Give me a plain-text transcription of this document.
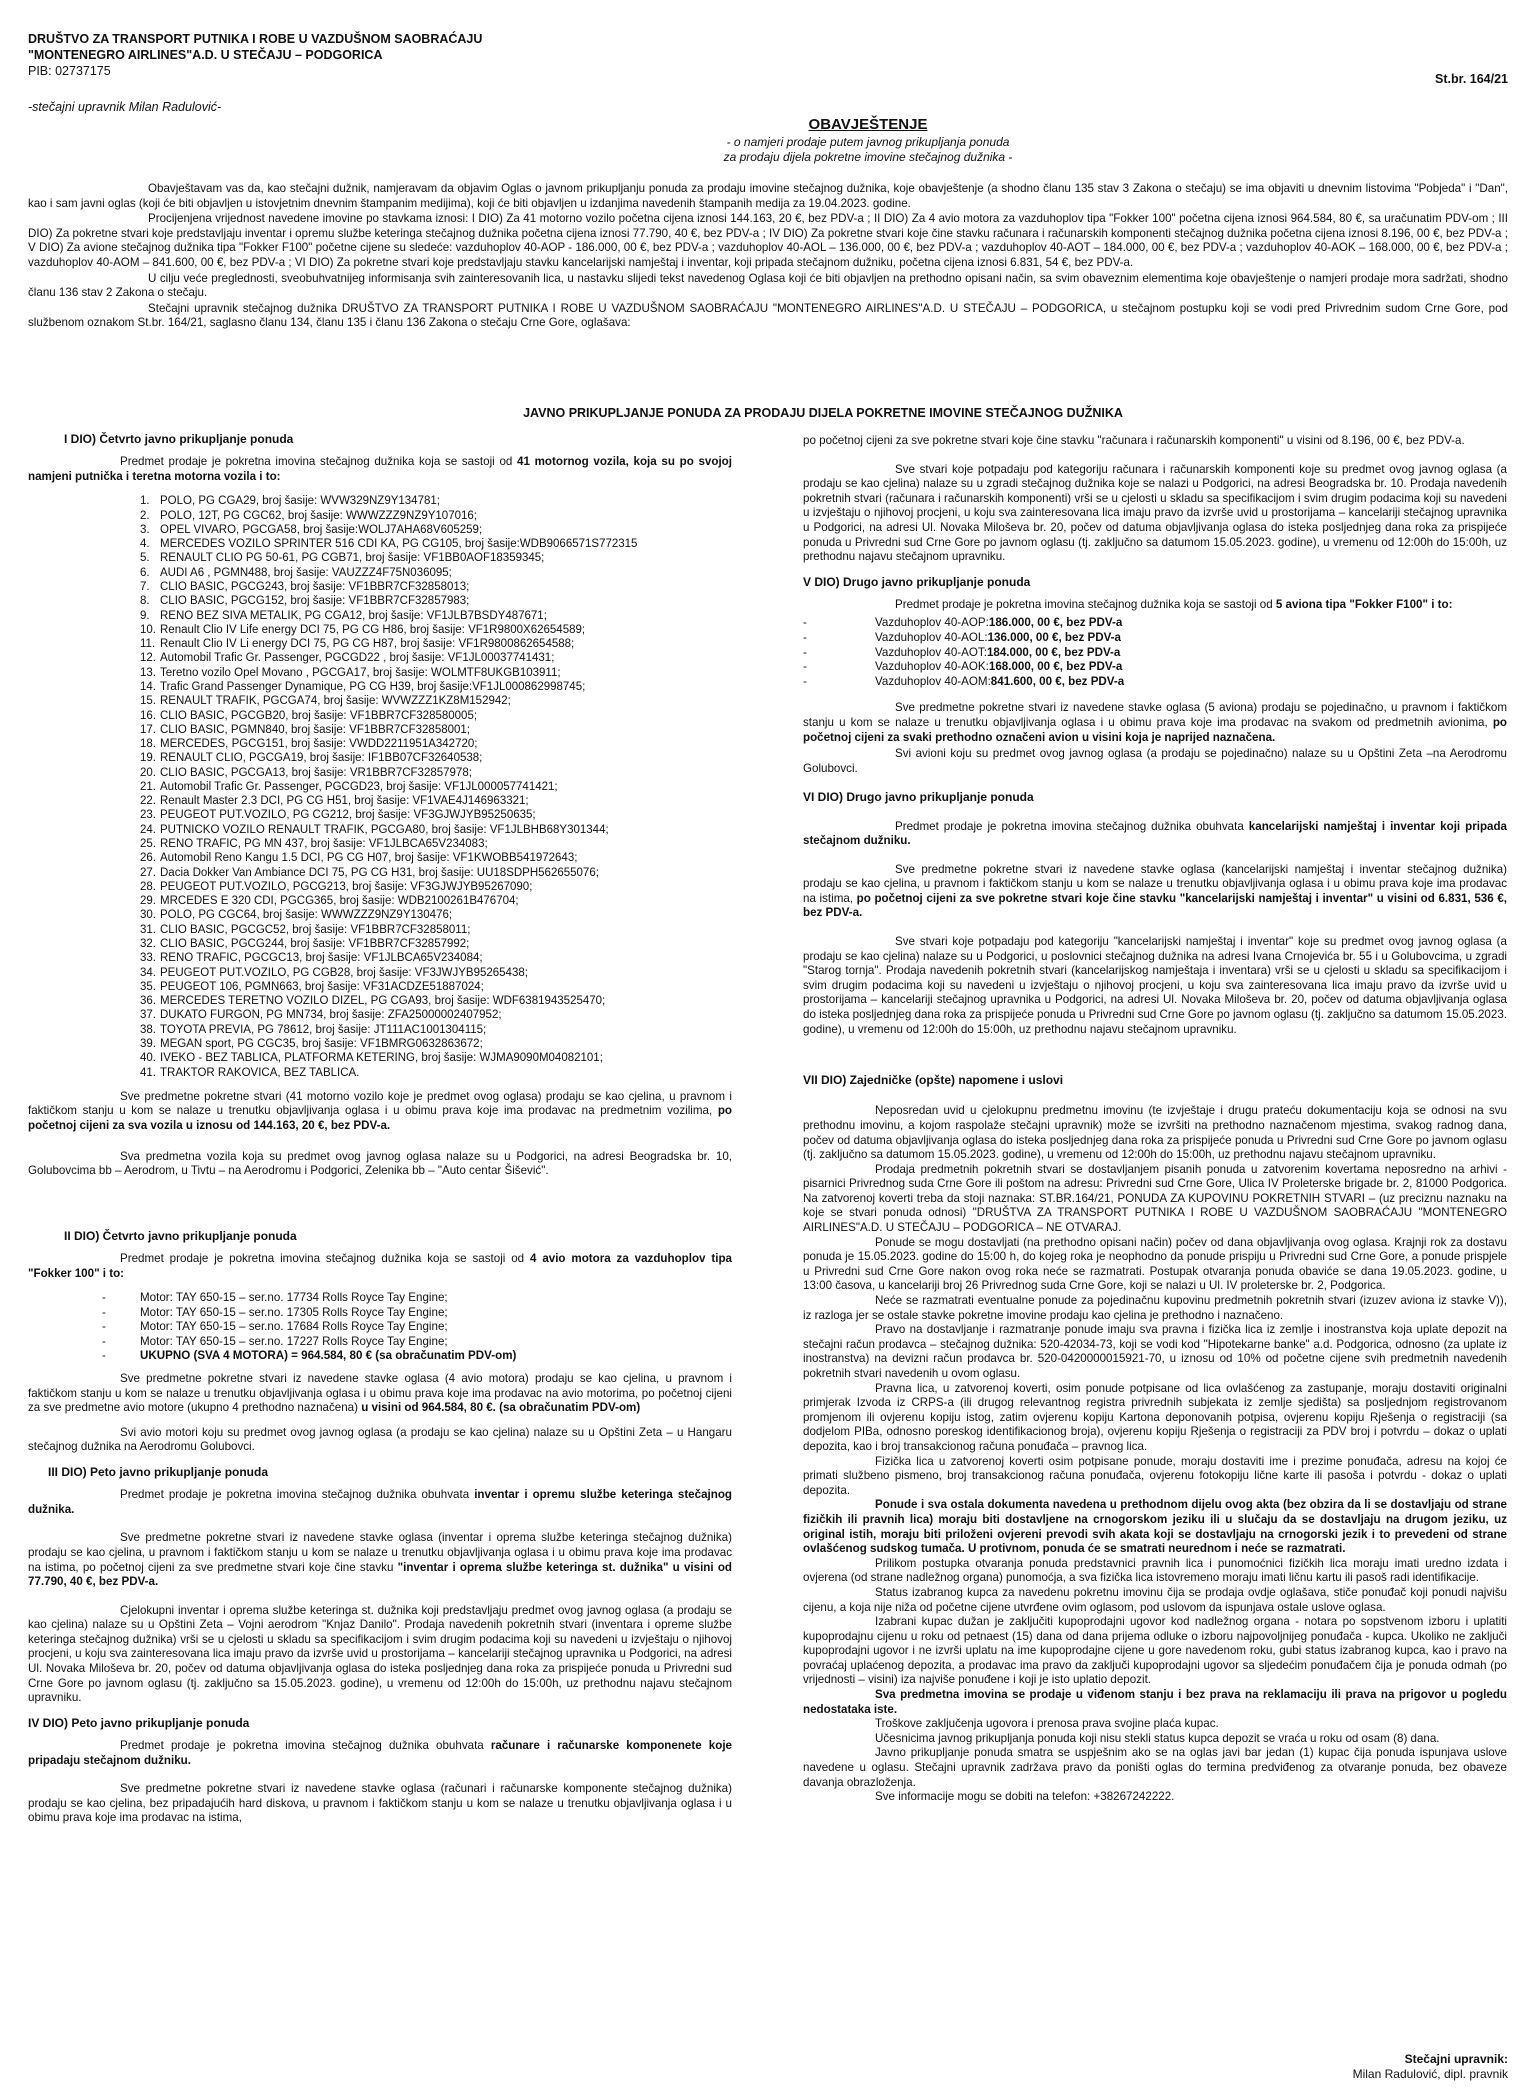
DRUŠTVO ZA TRANSPORT PUTNIKA I ROBE U VAZDUŠNOM SAOBRAĆAJU
"MONTENEGRO AIRLINES"A.D. U STEČAJU – PODGORICA
PIB: 02737175
St.br. 164/21
-stečajni upravnik Milan Radulović-
OBAVJEŠTENJE
- o namjeri prodaje putem javnog prikupljanja ponuda
za prodaju dijela pokretne imovine stečajnog dužnika -

Obavještavam vas da, kao stečajni dužnik, namjeravam da objavim Oglas o javnom prikupljanju ponuda za prodaju imovine stečajnog dužnika, koje obavještenje (a shodno članu 135 stav 3 Zakona o stečaju) se ima objaviti u dnevnim listovima "Pobjeda" i "Dan", kao i sam javni oglas (koji će biti objavljen u istovjetnim dnevnim štampanim medijima), koji će biti objavljen u izdanjima navedenih štampanih medija za 19.04.2023. godine.

Procijenjena vrijednost navedene imovine po stavkama iznosi: I DIO) Za 41 motorno vozilo početna cijena iznosi 144.163, 20 €, bez PDV-a ; II DIO) Za 4 avio motora za vazduhoplov tipa "Fokker 100" početna cijena iznosi 964.584, 80 €, sa uračunatim PDV-om ; III DIO) Za pokretne stvari koje predstavljaju inventar i opremu službe keteringa stečajnog dužnika početna cijena iznosi 77.790, 40 €, bez PDV-a ; IV DIO) Za pokretne stvari koje čine stavku računara i računarskih komponenti stečajnog dužnika početna cijena iznosi 8.196, 00 €, bez PDV-a ; V DIO) Za avione stečajnog dužnika tipa "Fokker F100" početne cijene su sledeće: vazduhoplov 40-AOP - 186.000, 00 €, bez PDV-a ; vazduhoplov 40-AOL – 136.000, 00 €, bez PDV-a ; vazduhoplov 40-AOT – 184.000, 00 €, bez PDV-a ; vazduhoplov 40-AOK – 168.000, 00 €, bez PDV-a ; vazduhoplov 40-AOM – 841.600, 00 €, bez PDV-a ; VI DIO) Za pokretne stvari koje predstavljaju stavku kancelarijski namještaj i inventar, koji pripada stečajnom dužniku, početna cijena iznosi 6.831, 54 €, bez PDV-a.

U cilju veće preglednosti, sveobuhvatnijeg informisanja svih zainteresovanih lica, u nastavku slijedi tekst navedenog Oglasa koji će biti objavljen na prethodno opisani način, sa svim obaveznim elementima koje obavještenje o namjeri prodaje mora sadržati, shodno članu 136 stav 2 Zakona o stečaju.

Stečajni upravnik stečajnog dužnika DRUŠTVO ZA TRANSPORT PUTNIKA I ROBE U VAZDUŠNOM SAOBRAĆAJU "MONTENEGRO AIRLINES"A.D. U STEČAJU – PODGORICA, u stečajnom postupku koji se vodi pred Privrednim sudom Crne Gore, pod službenom oznakom St.br. 164/21, saglasno članu 134, članu 135 i članu 136 Zakona o stečaju Crne Gore, oglašava:

JAVNO PRIKUPLJANJE PONUDA ZA PRODAJU DIJELA POKRETNE IMOVINE STEČAJNOG DUŽNIKA
I DIO) Četvrto javno prikupljanje ponuda

Predmet prodaje je pokretna imovina stečajnog dužnika koja se sastoji od 41 motornog vozila, koja su po svojoj namjeni putnička i teretna motorna vozila i to:

1. POLO, PG CGA29, broj šasije: WVW329NZ9Y134781;
2. POLO, 12T, PG CGC62, broj šasije: WWWZZZ9NZ9Y107016;
3. OPEL VIVARO, PGCGA58, broj šasije:WOLJ7AHA68V605259;
4. MERCEDES VOZILO SPRINTER 516 CDI KA, PG CG105, broj šasije:WDB9066571S772315
5. RENAULT CLIO PG 50-61, PG CGB71, broj šasije: VF1BB0AOF18359345;
6. AUDI A6 , PGMN488, broj šasije: VAUZZZ4F75N036095;
7. CLIO BASIC, PGCG243, broj šasije: VF1BBR7CF32858013;
8. CLIO BASIC, PGCG152, broj šasije: VF1BBR7CF32857983;
9. RENO BEZ SIVA METALIK, PG CGA12, broj šasije: VF1JLB7BSDY487671;
10. Renault Clio IV Life energy DCI 75, PG CG H86, broj šasije: VF1R9800X62654589;
11. Renault Clio IV Li energy DCI 75, PG CG H87, broj šasije: VF1R9800862654588;
12. Automobil Trafic Gr. Passenger, PGCGD22 , broj šasije: VF1JL00037741431;
13. Teretno vozilo Opel Movano , PGCGA17, broj šasije: WOLMTF8UKGB103911;
14. Trafic Grand Passenger Dynamique, PG CG H39, broj šasije:VF1JL000862998745;
15. RENAULT TRAFIK, PGCGA74, broj šasije: WVWZZZ1KZ8M152942;
16. CLIO BASIC, PGCGB20, broj šasije: VF1BBR7CF328580005;
17. CLIO BASIC, PGMN840, broj šasije: VF1BBR7CF32858001;
18. MERCEDES, PGCG151, broj šasije: VWDD2211951A342720;
19. RENAULT CLIO, PGCGA19, broj šasije: IF1BB07CF32640538;
20. CLIO BASIC, PGCGA13, broj šasije: VR1BBR7CF32857978;
21. Automobil Trafic Gr. Passenger, PGCGD23, broj šasije: VF1JL000057741421;
22. Renault Master 2.3 DCI, PG CG H51, broj šasije: VF1VAE4J146963321;
23. PEUGEOT PUT.VOZILO, PG CG212, broj šasije: VF3GJWJYB95250635;
24. PUTNICKO VOZILO RENAULT TRAFIK, PGCGA80, broj šasije: VF1JLBHB68Y301344;
25. RENO TRAFIC, PG MN 437, broj šasije: VF1JLBCA65V234083;
26. Automobil Reno Kangu 1.5 DCI, PG CG H07, broj šasije: VF1KWOBB541972643;
27. Dacia Dokker Van Ambiance DCI 75, PG CG H31, broj šasije: UU18SDPH562655076;
28. PEUGEOT PUT.VOZILO, PGCG213, broj šasije: VF3GJWJYB95267090;
29. MRCEDES E 320 CDI, PGCG365, broj šasije: WDB2100261B476704;
30. POLO, PG CGC64, broj šasije: WWWZZZ9NZ9Y130476;
31. CLIO BASIC, PGCGC52, broj šasije: VF1BBR7CF32858011;
32. CLIO BASIC, PGCG244, broj šasije: VF1BBR7CF32857992;
33. RENO TRAFIC, PGCGC13, broj šasije: VF1JLBCA65V234084;
34. PEUGEOT PUT.VOZILO, PG CGB28, broj šasije: VF3JWJYB95265438;
35. PEUGEOT 106, PGMN663, broj šasije: VF31ACDZE51887024;
36. MERCEDES TERETNO VOZILO DIZEL, PG CGA93, broj šasije: WDF6381943525470;
37. DUKATO FURGON, PG MN734, broj šasije: ZFA25000002407952;
38. TOYOTA PREVIA, PG 78612, broj šasije: JT111AC1001304115;
39. MEGAN sport, PG CGC35, broj šasije: VF1BMRG0632863672;
40. IVEKO - BEZ TABLICA, PLATFORMA KETERING, broj šasije: WJMA9090M04082101;
41. TRAKTOR RAKOVICA, BEZ TABLICA.

Sve predmetne pokretne stvari (41 motorno vozilo koje je predmet ovog oglasa) prodaju se kao cjelina, u pravnom i faktičkom stanju u kom se nalaze u trenutku objavljivanja oglasa i u obimu prava koje ima prodavac na predmetnim vozilima, po početnoj cijeni za sva vozila u iznosu od 144.163, 20 €, bez PDV-a.

Sva predmetna vozila koja su predmet ovog javnog oglasa nalaze su u Podgorici, na adresi Beogradska br. 10, Golubovcima bb – Aerodrom, u Tivtu – na Aerodromu i Podgorici, Zelenika bb – "Auto centar Šišević".

II DIO) Četvrto javno prikupljanje ponuda

Predmet prodaje je pokretna imovina stečajnog dužnika koja se sastoji od 4 avio motora za vazduhoplov tipa "Fokker 100" i to:

-	Motor: TAY 650-15 – ser.no. 17734 Rolls Royce Tay Engine;
-	Motor: TAY 650-15 – ser.no. 17305 Rolls Royce Tay Engine;
-	Motor: TAY 650-15 – ser.no. 17684 Rolls Royce Tay Engine;
-	Motor: TAY 650-15 – ser.no. 17227 Rolls Royce Tay Engine;
-	UKUPNO (SVA 4 MOTORA) = 964.584, 80 € (sa obračunatim PDV-om)

Sve predmetne pokretne stvari iz navedene stavke oglasa (4 avio motora) prodaju se kao cjelina, u pravnom i faktičkom stanju u kom se nalaze u trenutku objavljivanja oglasa i u obimu prava koje ima prodavac na avio motorima, po početnoj cijeni za sve predmetne avio motore (ukupno 4 prethodno naznačena) u visini od 964.584, 80 €. (sa obračunatim PDV-om)

Svi avio motori koju su predmet ovog javnog oglasa (a prodaju se kao cjelina) nalaze su u Opštini Zeta – u Hangaru stečajnog dužnika na Aerodromu Golubovci.

III DIO) Peto javno prikupljanje ponuda

Predmet prodaje je pokretna imovina stečajnog dužnika obuhvata inventar i opremu službe keteringa stečajnog dužnika.

Sve predmetne pokretne stvari iz navedene stavke oglasa (inventar i oprema službe keteringa stečajnog dužnika) prodaju se kao cjelina, u pravnom i faktičkom stanju u kom se nalaze u trenutku objavljivanja oglasa i u obimu prava koje ima prodavac na istima, po početnoj cijeni za sve predmetne stvari koje čine stavku "inventar i oprema službe keteringa st. dužnika" u visini od 77.790, 40 €, bez PDV-a.

Cjelokupni inventar i oprema službe keteringa st. dužnika koji predstavljaju predmet ovog javnog oglasa (a prodaju se kao cjelina) nalaze su u Opštini Zeta – Vojni aerodrom "Knjaz Danilo". Prodaja navedenih pokretnih stvari (inventara i opreme službe keteringa stečajnog dužnika) vrši se u cjelosti u skladu sa specifikacijom i svim drugim podacima koji su navedeni u izvještaju o njihovoj procjeni, u koju sva zainteresovana lica imaju pravo da izvrše uvid u prostorijama – kancelariji stečajnog upravnika u Podgorici, na adresi Ul. Novaka Miloševa br. 20, počev od datuma objavljivanja oglasa do isteka posljednjeg dana roka za prispijeće ponuda u Privredni sud Crne Gore po javnom oglasu (tj. zaključno sa 15.05.2023. godine), u vremenu od 12:00h do 15:00h, uz prethodnu najavu stečajnom upravniku.

IV DIO) Peto javno prikupljanje ponuda

Predmet prodaje je pokretna imovina stečajnog dužnika obuhvata računare i računarske komponenete koje pripadaju stečajnom dužniku.

Sve predmetne pokretne stvari iz navedene stavke oglasa (računari i računarske komponente stečajnog dužnika) prodaju se kao cjelina, bez pripadajućih hard diskova, u pravnom i faktičkom stanju u kom se nalaze u trenutku objavljivanja oglasa i u obimu prava koje ima prodavac na istima,

po početnoj cijeni za sve pokretne stvari koje čine stavku "računara i računarskih komponenti" u visini od 8.196, 00 €, bez PDV-a.

Sve stvari koje potpadaju pod kategoriju računara i računarskih komponenti koje su predmet ovog javnog oglasa (a prodaju se kao cjelina) nalaze su u zgradi stečajnog dužnika koje se nalazi u Podgorici, na adresi Beogradska br. 10. Prodaja navedenih pokretnih stvari (računara i računarskih komponenti) vrši se u cjelosti u skladu sa specifikacijom i svim drugim podacima koji su navedeni u izvještaju o njihovoj procjeni, u koju sva zainteresovana lica imaju pravo da izvrše uvid u prostorijama – kancelariji stečajnog upravnika u Podgorici, na adresi Ul. Novaka Miloševa br. 20, počev od datuma objavljivanja oglasa do isteka posljednjeg dana roka za prispijeće ponuda u Privredni sud Crne Gore po javnom oglasu (tj. zaključno sa datumom 15.05.2023. godine), u vremenu od 12:00h do 15:00h, uz prethodnu najavu stečajnom upravniku.

V DIO) Drugo javno prikupljanje ponuda

Predmet prodaje je pokretna imovina stečajnog dužnika koja se sastoji od 5 aviona tipa "Fokker F100" i to:

-	Vazduhoplov 40-AOP: 186.000, 00 €, bez PDV-a
-	Vazduhoplov 40-AOL: 136.000, 00 €, bez PDV-a
-	Vazduhoplov 40-AOT: 184.000, 00 €, bez PDV-a
-	Vazduhoplov 40-AOK: 168.000, 00 €, bez PDV-a
-	Vazduhoplov 40-AOM: 841.600, 00 €, bez PDV-a

Sve predmetne pokretne stvari iz navedene stavke oglasa (5 aviona) prodaju se pojedinačno, u pravnom i faktičkom stanju u kom se nalaze u trenutku objavljivanja oglasa i u obimu prava koje ima prodavac na svakom od predmetnih avionima, po početnoj cijeni za svaki prethodno označeni avion u visini koja je naprijed naznačena.

Svi avioni koju su predmet ovog javnog oglasa (a prodaju se pojedinačno) nalaze su u Opštini Zeta –na Aerodromu Golubovci.

VI DIO) Drugo javno prikupljanje ponuda

Predmet prodaje je pokretna imovina stečajnog dužnika obuhvata kancelarijski namještaj i inventar koji pripada stečajnom dužniku.

Sve predmetne pokretne stvari iz navedene stavke oglasa (kancelarijski namještaj i inventar stečajnog dužnika) prodaju se kao cjelina, u pravnom i faktičkom stanju u kom se nalaze u trenutku objavljivanja oglasa i u obimu prava koje ima prodavac na istima, po početnoj cijeni za sve pokretne stvari koje čine stavku "kancelarijski namještaj i inventar" u visini od 6.831, 536 €, bez PDV-a.

Sve stvari koje potpadaju pod kategoriju "kancelarijski namještaj i inventar" koje su predmet ovog javnog oglasa (a prodaju se kao cjelina) nalaze su u Podgorici, u poslovnici stečajnog dužnika na adresi Ivana Crnojevića br. 55 i u Golubovcima, u zgradi "Starog tornja". Prodaja navedenih pokretnih stvari (kancelarijskog namještaja i inventara) vrši se u cjelosti u skladu sa specifikacijom i svim drugim podacima koji su navedeni u izvještaju o njihovoj procjeni, u koju sva zainteresovana lica imaju pravo da izvrše uvid u prostorijama – kancelariji stečajnog upravnika u Podgorici, na adresi Ul. Novaka Miloševa br. 20, počev od datuma objavljivanja oglasa do isteka posljednjeg dana roka za prispijeće ponuda u Privredni sud Crne Gore po javnom oglasu (tj. zaključno sa datumom 15.05.2023. godine), u vremenu od 12:00h do 15:00h, uz prethodnu najavu stečajnom upravniku.

VII DIO) Zajedničke (opšte) napomene i uslovi

Neposredan uvid u cjelokupnu predmetnu imovinu (te izvještaje i drugu prateću dokumentaciju koja se odnosi na svu prethodnu imovinu, a kojom raspolaže stečajni upravnik) može se izvršiti na prethodno naznačenom mjestima, svakog radnog dana, počev od datuma objavljivanja oglasa do isteka posljednjeg dana roka za prispijeće ponuda u Privredni sud Crne Gore po javnom oglasu (tj. zaključno sa datumom 15.05.2023. godine), u vremenu od 12:00h do 15:00h, uz prethodnu najavu stečajnom upravniku.

Prodaja predmetnih pokretnih stvari se dostavljanjem pisanih ponuda u zatvorenim kovertama neposredno na arhivi - pisarnici Privrednog suda Crne Gore ili poštom na adresu: Privredni sud Crne Gore, Ulica IV Proleterske brigade br. 2, 81000 Podgorica. Na zatvorenoj koverti treba da stoji naznaka: ST.BR.164/21, PONUDA ZA KUPOVINU POKRETNIH STVARI – (uz preciznu naznaku na koje se stvari ponuda odnosi) "DRUŠTVA ZA TRANSPORT PUTNIKA I ROBE U VAZDUŠNOM SAOBRAĆAJU "MONTENEGRO AIRLINES"A.D. U STEČAJU – PODGORICA – NE OTVARAJ.

Ponude se mogu dostavljati (na prethodno opisani način) počev od dana objavljivanja ovog oglasa. Krajnji rok za dostavu ponuda je 15.05.2023. godine do 15:00 h, do kojeg roka je neophodno da ponude prispiju u Privredni sud Crne Gore, a ponude prispjele u Privredni sud Crne Gore nakon ovog roka neće se razmatrati. Postupak otvaranja ponuda obaviće se dana 19.05.2023. godine, u 13:00 časova, u kancelariji broj 26 Privrednog suda Crne Gore, koji se nalazi u Ul. IV proleterske br. 2, Podgorica.

Neće se razmatrati eventualne ponude za pojedinačnu kupovinu predmetnih pokretnih stvari (izuzev aviona iz stavke V)), iz razloga jer se ostale stavke pokretne imovine prodaju kao cjelina je prethodno i naznačeno.

Pravo na dostavljanje i razmatranje ponude imaju sva pravna i fizička lica iz zemlje i inostranstva koja uplate depozit na stečajni račun prodavca – stečajnog dužnika: 520-42034-73, koji se vodi kod "Hipotekarne banke" a.d. Podgorica, odnosno (za uplate iz inostranstva) na devizni račun prodavca br. 520-0420000015921-70, u iznosu od 10% od početne cijene svih predmetnih navedenih pokretnih stvari navedenih u ovom oglasu.

Pravna lica, u zatvorenoj koverti, osim ponude potpisane od lica ovlašćenog za zastupanje, moraju dostaviti originalni primjerak Izvoda iz CRPS-a (ili drugog relevantnog registra privrednih subjekata iz zemlje sjedišta) sa posljednjom registrovanom promjenom ili ovjerenu kopiju istog, zatim ovjerenu kopiju Kartona deponovanih potpisa, ovjerenu kopiju Rješenja o registraciji (sa dodjelom PIBa, odnosno poreskog identifikacionog broja), ovjerenu kopiju Rješenja o registraciji za PDV broj i potvrdu – dokaz o uplati depozita, kao i broj transakcionog računa ponuđača – pravnog lica.

Fizička lica u zatvorenoj koverti osim potpisane ponude, moraju dostaviti ime i prezime ponuđača, adresu na kojoj će primati službeno pismeno, broj transakcionog računa ponuđača, ovjerenu fotokopiju lične karte ili pasoša i potvrdu - dokaz o uplati depozita.

Ponude i sva ostala dokumenta navedena u prethodnom dijelu ovog akta (bez obzira da li se dostavljaju od strane fizičkih ili pravnih lica) moraju biti dostavljene na crnogorskom jeziku ili u slučaju da se dostavljaju na drugom jeziku, uz original istih, moraju biti priloženi ovjereni prevodi svih akata koji se dostavljaju na crnogorski jezik i to prevedeni od strane ovlašćenog sudskog tumača. U protivnom, ponuda će se smatrati neurednom i neće se razmatrati.

Prilikom postupka otvaranja ponuda predstavnici pravnih lica i punomoćnici fizičkih lica moraju imati uredno izdata i ovjerena (od strane nadležnog organa) punomoćja, a sva fizička lica istovremeno moraju imati ličnu kartu ili pasoš radi identifikacije.

Status izabranog kupca za navedenu pokretnu imovinu čija se prodaja ovdje oglašava, stiče ponuđač koji ponudi najvišu cijenu, a koja nije niža od početne cijene utvrđene ovim oglasom, pod uslovom da ispunjava ostale uslove oglasa.

Izabrani kupac dužan je zaključiti kupoprodajni ugovor kod nadležnog organa - notara po sopstvenom izboru i uplatiti kupoprodajnu cijenu u roku od petnaest (15) dana od dana prijema odluke o izboru najpovoljnijeg ponuđača - kupca. Ukoliko ne zaključi kupoprodajni ugovor i ne izvrši uplatu na ime kupoprodajne cijene u gore navedenom roku, gubi status izabranog kupca, kao i pravo na povraćaj uplaćenog depozita, a prodavac ima pravo da zaključi kupoprodajni ugovor sa sljedećim ponuđačem čija je ponuda odmah (po vrijednosti – visini) iza najviše ponuđene i koji je isto uplatio depozit.

Sva predmetna imovina se prodaje u viđenom stanju i bez prava na reklamaciju ili prava na prigovor u pogledu nedostataka iste.

Troškove zaključenja ugovora i prenosa prava svojine plaća kupac.

Učesnicima javnog prikupljanja ponuda koji nisu stekli status kupca depozit se vraća u roku od osam (8) dana.

Javno prikupljanje ponuda smatra se uspješnim ako se na oglas javi bar jedan (1) kupac čija ponuda ispunjava uslove navedene u oglasu. Stečajni upravnik zadržava pravo da poništi oglas do termina predviđenog za otvaranje ponuda, bez obaveze davanja obrazloženja.

Sve informacije mogu se dobiti na telefon: +38267242222.

Stečajni upravnik:
Milan Radulović, dipl. pravnik
